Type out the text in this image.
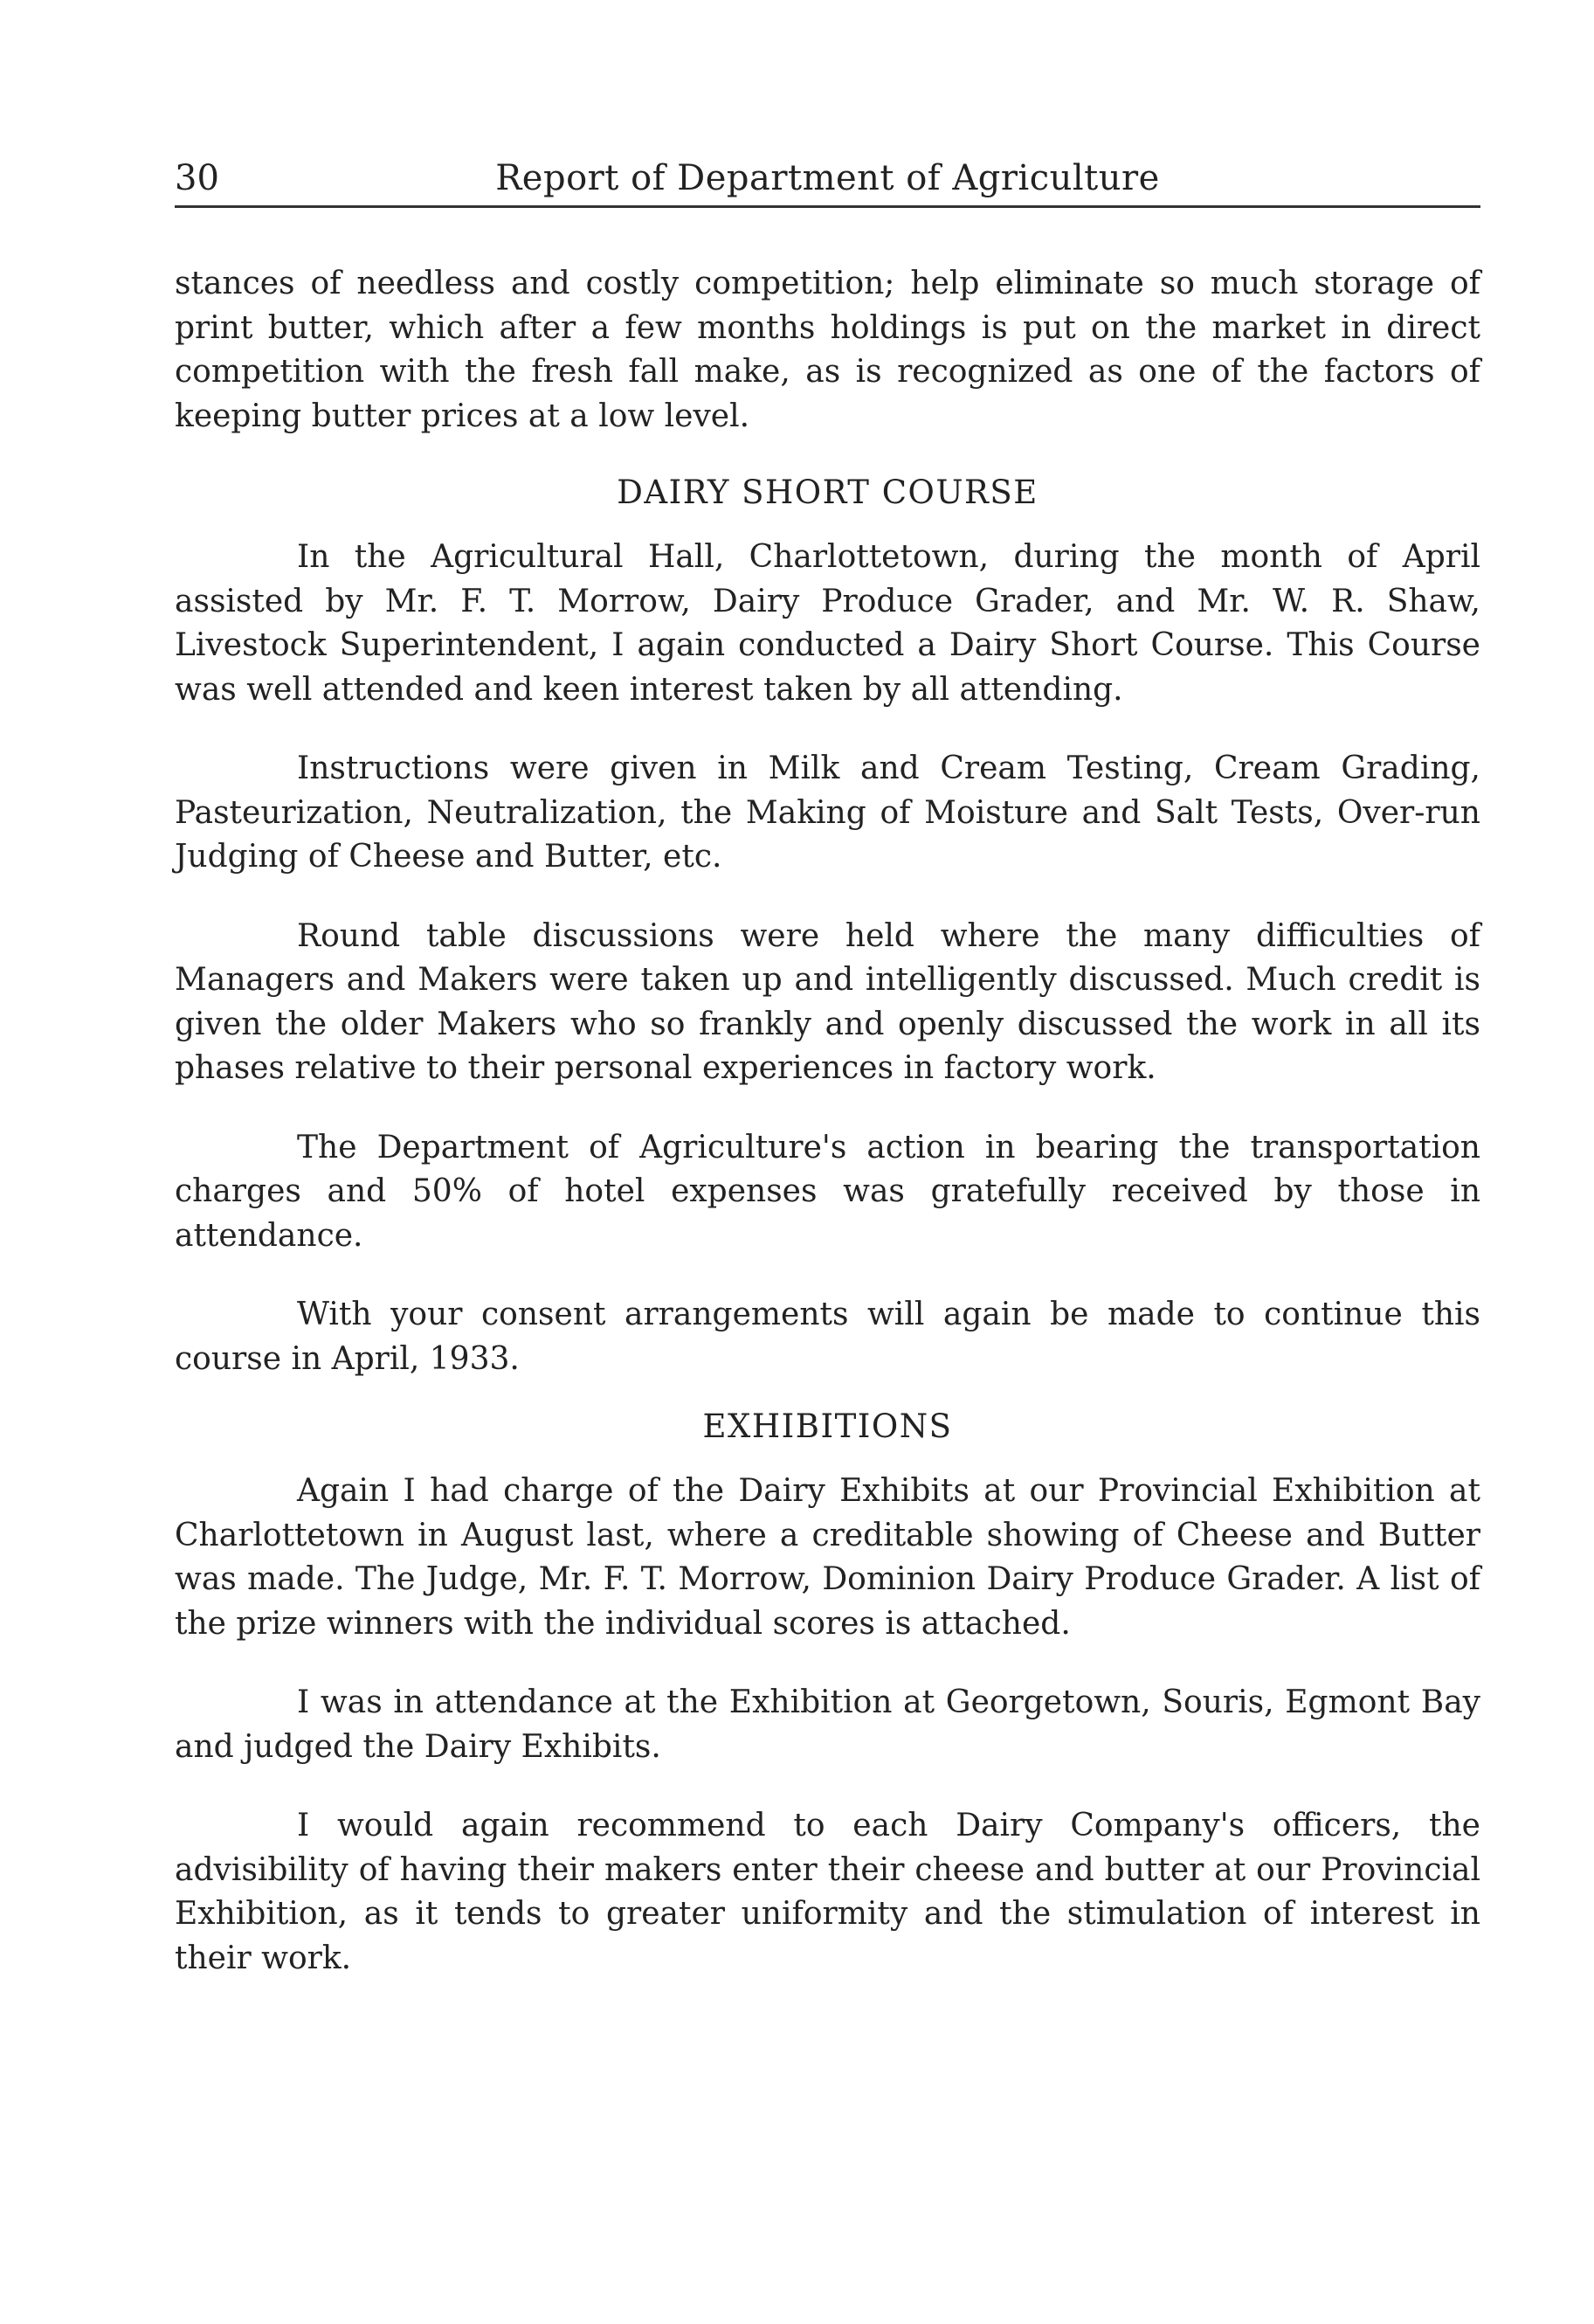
30	Report of Department of Agriculture

stances of needless and costly competition; help eliminate so much storage of print butter, which after a few months holdings is put on the market in direct competition with the fresh fall make, as is recognized as one of the factors of keeping butter prices at a low level.

DAIRY SHORT COURSE

In the Agricultural Hall, Charlottetown, during the month of April assisted by Mr. F. T. Morrow, Dairy Produce Grader, and Mr. W. R. Shaw, Livestock Superintendent, I again conducted a Dairy Short Course. This Course was well attended and keen interest taken by all attending.

Instructions were given in Milk and Cream Testing, Cream Grading, Pasteurization, Neutralization, the Making of Moisture and Salt Tests, Over-run Judging of Cheese and Butter, etc.

Round table discussions were held where the many difficulties of Managers and Makers were taken up and intelligently discussed. Much credit is given the older Makers who so frankly and openly discussed the work in all its phases relative to their personal experiences in factory work.

The Department of Agriculture's action in bearing the transportation charges and 50% of hotel expenses was gratefully received by those in attendance.

With your consent arrangements will again be made to continue this course in April, 1933.

EXHIBITIONS

Again I had charge of the Dairy Exhibits at our Provincial Exhibition at Charlottetown in August last, where a creditable showing of Cheese and Butter was made. The Judge, Mr. F. T. Morrow, Dominion Dairy Produce Grader. A list of the prize winners with the individual scores is attached.

I was in attendance at the Exhibition at Georgetown, Souris, Egmont Bay and judged the Dairy Exhibits.

I would again recommend to each Dairy Company's officers, the advisibility of having their makers enter their cheese and butter at our Provincial Exhibition, as it tends to greater uniformity and the stimulation of interest in their work.
